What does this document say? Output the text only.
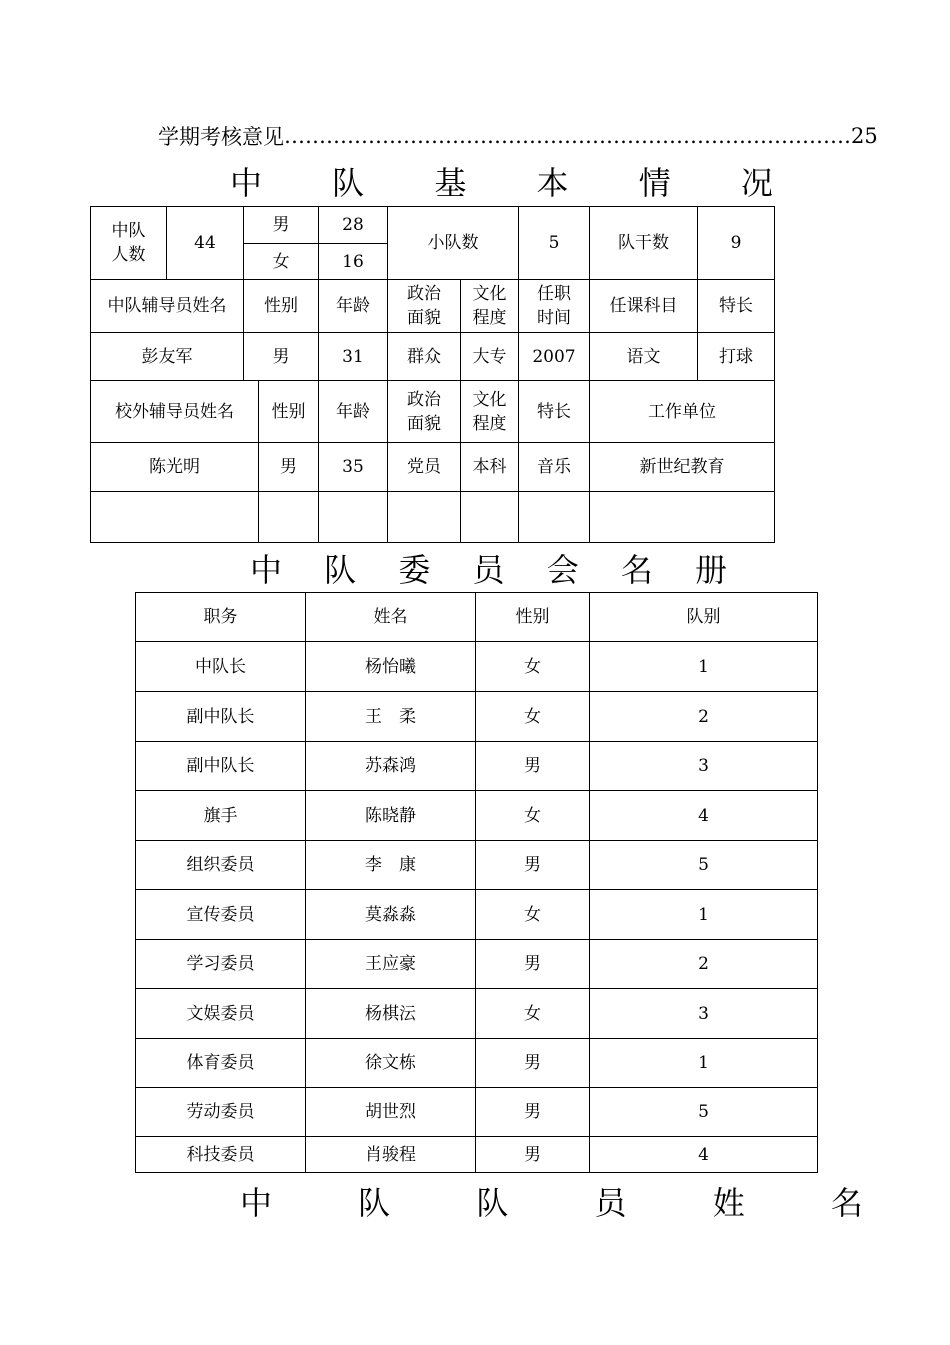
学期考核意见 ……………………………………………………………………… 25
中 队 基 本 情 况
中队人数	44	男		28	小队数		5	队干数	9
		女		16					
中队辅导员姓名		性别		年龄	政治面貌	文化程度	任职时间	任课科目	特长
彭友军		男		31	群众	大专	2007	语文	打球
校外辅导员姓名			性别	年龄	政治面貌	文化程度	特长	工作单位	
陈光明			男	35	党员	本科	音乐	新世纪教育	

中 队 委 员 会 名 册
职务	姓名	性别	队别
中队长	杨怡曦	女	1
副中队长	王　柔	女	2
副中队长	苏森鸿	男	3
旗手	陈晓静	女	4
组织委员	李　康	男	5
宣传委员	莫淼淼	女	1
学习委员	王应豪	男	2
文娱委员	杨棋沄	女	3
体育委员	徐文栋	男	1
劳动委员	胡世烈	男	5
科技委员	肖骏程	男	4
中 队 队 员 姓 名
